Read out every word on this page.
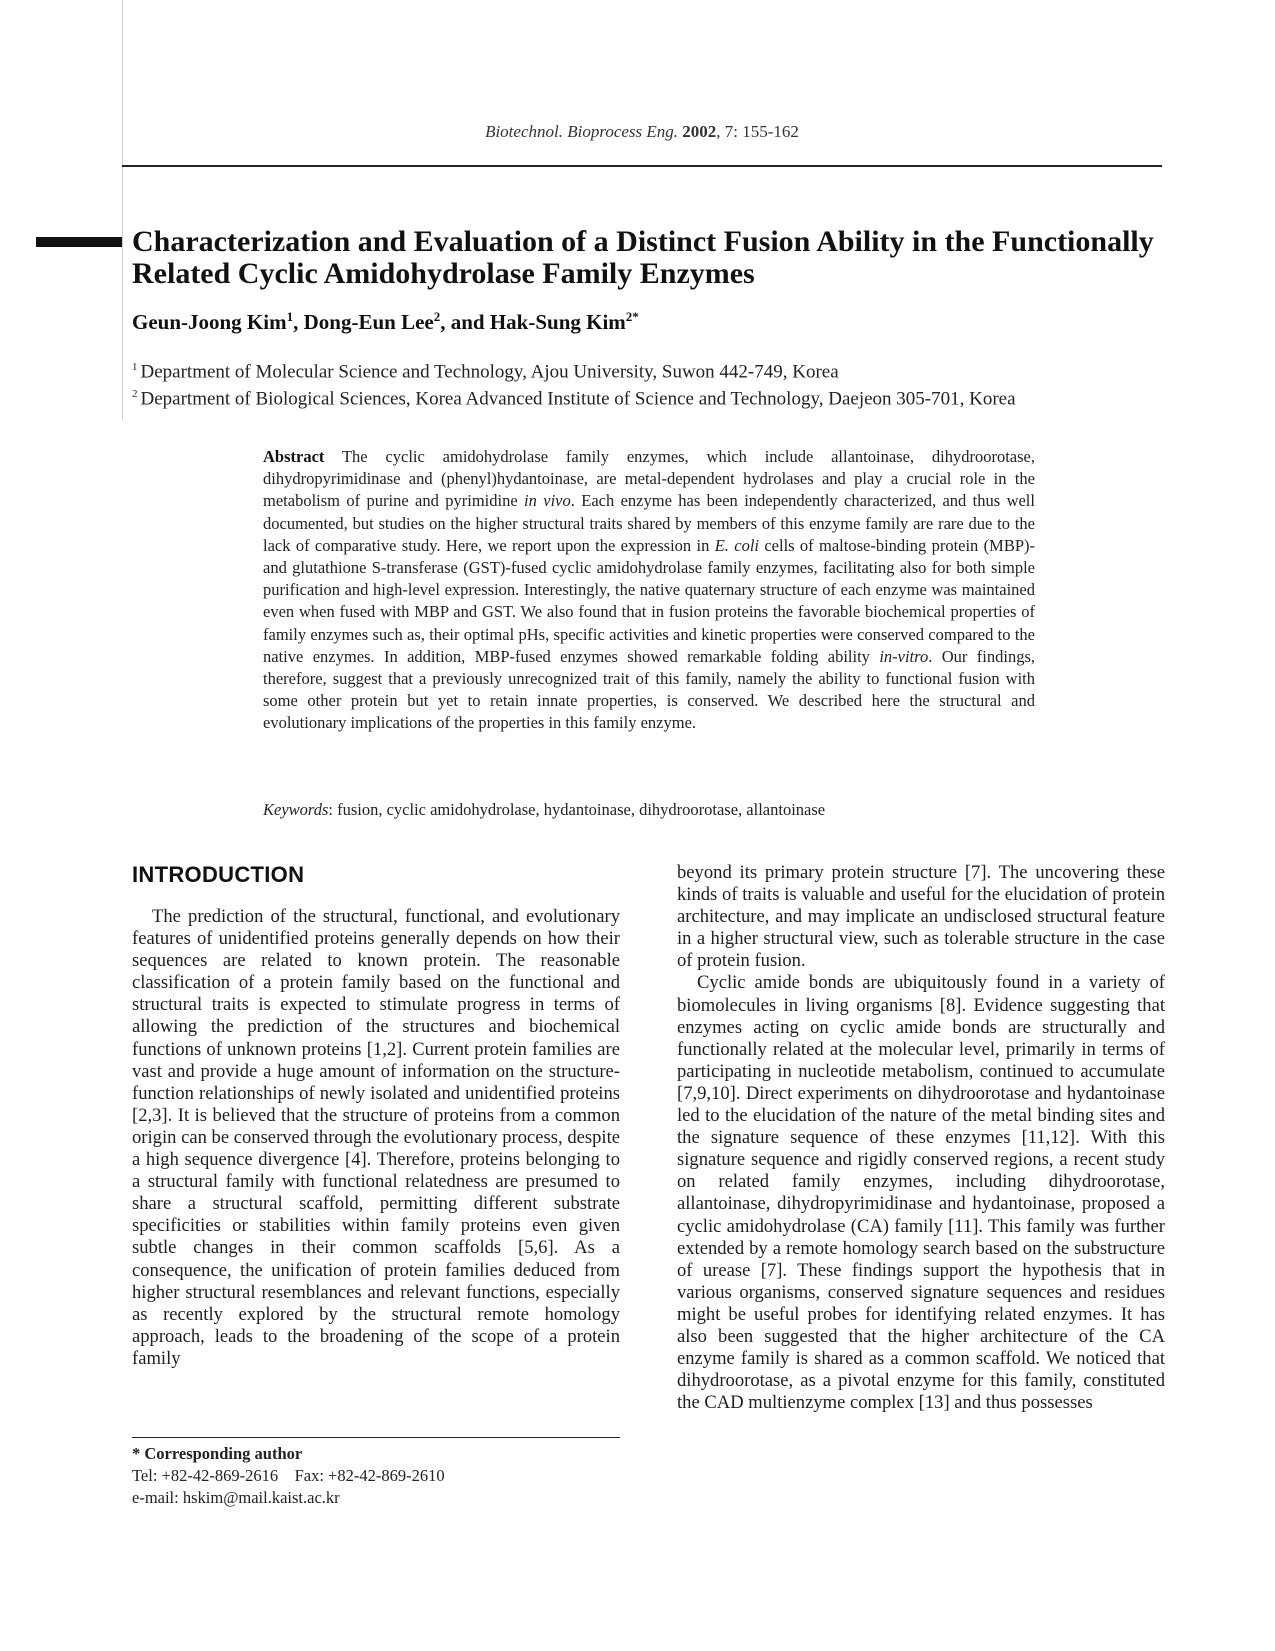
Biotechnol. Bioprocess Eng. 2002, 7: 155-162
Characterization and Evaluation of a Distinct Fusion Ability in the Functionally Related Cyclic Amidohydrolase Family Enzymes

Geun-Joong Kim$^1$, Dong-Eun Lee$^2$, and Hak-Sung Kim$^{2*}$

$^1$ Department of Molecular Science and Technology, Ajou University, Suwon 442-749, Korea
$^2$ Department of Biological Sciences, Korea Advanced Institute of Science and Technology, Daejeon 305-701, Korea
Abstract The cyclic amidohydrolase family enzymes, which include allantoinase, dihydroorotase, dihydropyrimidinase and (phenyl)hydantoinase, are metal-dependent hydrolases and play a crucial role in the metabolism of purine and pyrimidine in vivo. Each enzyme has been independently characterized, and thus well documented, but studies on the higher structural traits shared by members of this enzyme family are rare due to the lack of comparative study. Here, we report upon the expression in E. coli cells of maltose-binding protein (MBP)- and glutathione S-transferase (GST)-fused cyclic amidohydrolase family enzymes, facilitating also for both simple purification and high-level expression. Interestingly, the native quaternary structure of each enzyme was maintained even when fused with MBP and GST. We also found that in fusion proteins the favorable biochemical properties of family enzymes such as, their optimal pHs, specific activities and kinetic properties were conserved compared to the native enzymes. In addition, MBP-fused enzymes showed remarkable folding ability in-vitro. Our findings, therefore, suggest that a previously unrecognized trait of this family, namely the ability to functional fusion with some other protein but yet to retain innate properties, is conserved. We described here the structural and evolutionary implications of the properties in this family enzyme.
Keywords: fusion, cyclic amidohydrolase, hydantoinase, dihydroorotase, allantoinase
INTRODUCTION

The prediction of the structural, functional, and evolutionary features of unidentified proteins generally depends on how their sequences are related to known protein. The reasonable classification of a protein family based on the functional and structural traits is expected to stimulate progress in terms of allowing the prediction of the structures and biochemical functions of unknown proteins [1,2]. Current protein families are vast and provide a huge amount of information on the structure-function relationships of newly isolated and unidentified proteins [2,3]. It is believed that the structure of proteins from a common origin can be conserved through the evolutionary process, despite a high sequence divergence [4]. Therefore, proteins belonging to a structural family with functional relatedness are presumed to share a structural scaffold, permitting different substrate specificities or stabilities within family proteins even given subtle changes in their common scaffolds [5,6]. As a consequence, the unification of protein families deduced from higher structural resemblances and relevant functions, especially as recently explored by the structural remote homology approach, leads to the broadening of the scope of a protein family

beyond its primary protein structure [7]. The uncovering these kinds of traits is valuable and useful for the elucidation of protein architecture, and may implicate an undisclosed structural feature in a higher structural view, such as tolerable structure in the case of protein fusion.

Cyclic amide bonds are ubiquitously found in a variety of biomolecules in living organisms [8]. Evidence suggesting that enzymes acting on cyclic amide bonds are structurally and functionally related at the molecular level, primarily in terms of participating in nucleotide metabolism, continued to accumulate [7,9,10]. Direct experiments on dihydroorotase and hydantoinase led to the elucidation of the nature of the metal binding sites and the signature sequence of these enzymes [11,12]. With this signature sequence and rigidly conserved regions, a recent study on related family enzymes, including dihydroorotase, allantoinase, dihydropyrimidinase and hydantoinase, proposed a cyclic amidohydrolase (CA) family [11]. This family was further extended by a remote homology search based on the substructure of urease [7]. These findings support the hypothesis that in various organisms, conserved signature sequences and residues might be useful probes for identifying related enzymes. It has also been suggested that the higher architecture of the CA enzyme family is shared as a common scaffold. We noticed that dihydroorotase, as a pivotal enzyme for this family, constituted the CAD multienzyme complex [13] and thus possesses

* Corresponding author
Tel: +82-42-869-2616 Fax: +82-42-869-2610
e-mail: hskim@mail.kaist.ac.kr
